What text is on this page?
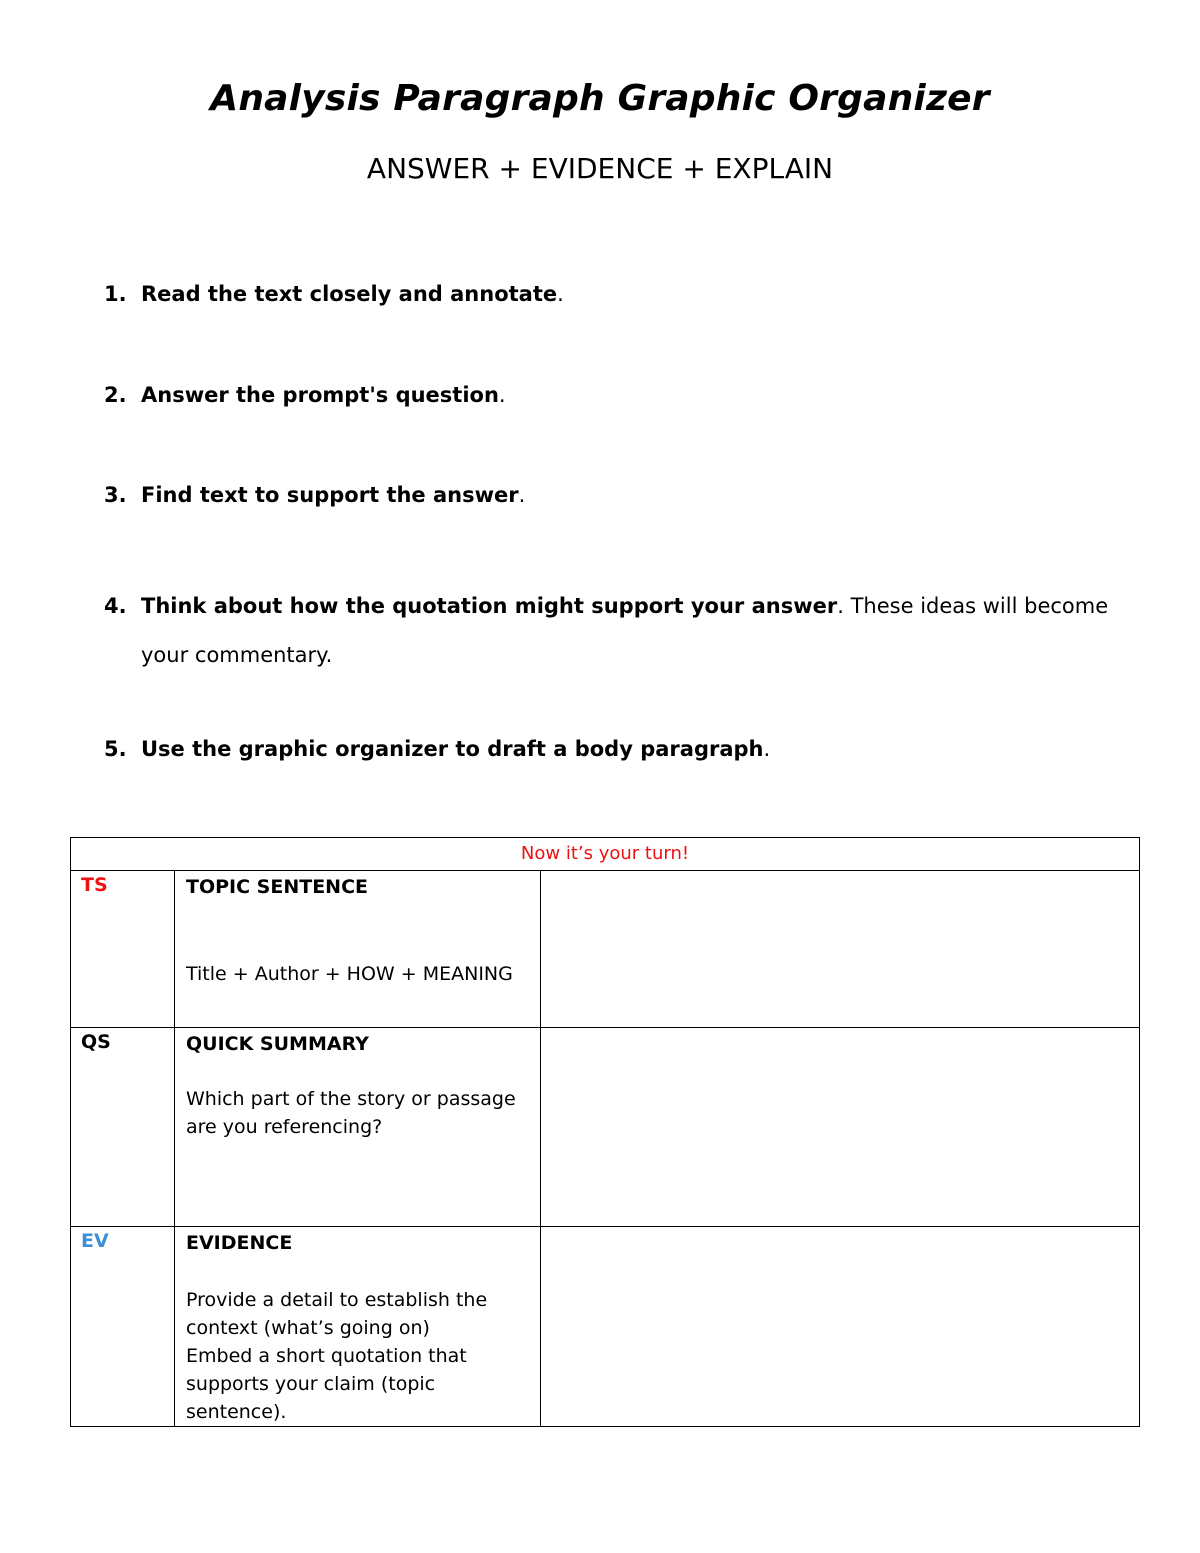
Analysis Paragraph Graphic Organizer
ANSWER + EVIDENCE + EXPLAIN
1. Read the text closely and annotate.
2. Answer the prompt's question.
3. Find text to support the answer.
4. Think about how the quotation might support your answer. These ideas will become your commentary.
5. Use the graphic organizer to draft a body paragraph.
Now it’s your turn!		
TS	TOPIC SENTENCE
Title + Author + HOW + MEANING	

QS	QUICK SUMMARY
Which part of the story or passage
are you referencing?	

EV	EVIDENCE
Provide a detail to establish the
context (what’s going on)
Embed a short quotation that
supports your claim (topic sentence).	
